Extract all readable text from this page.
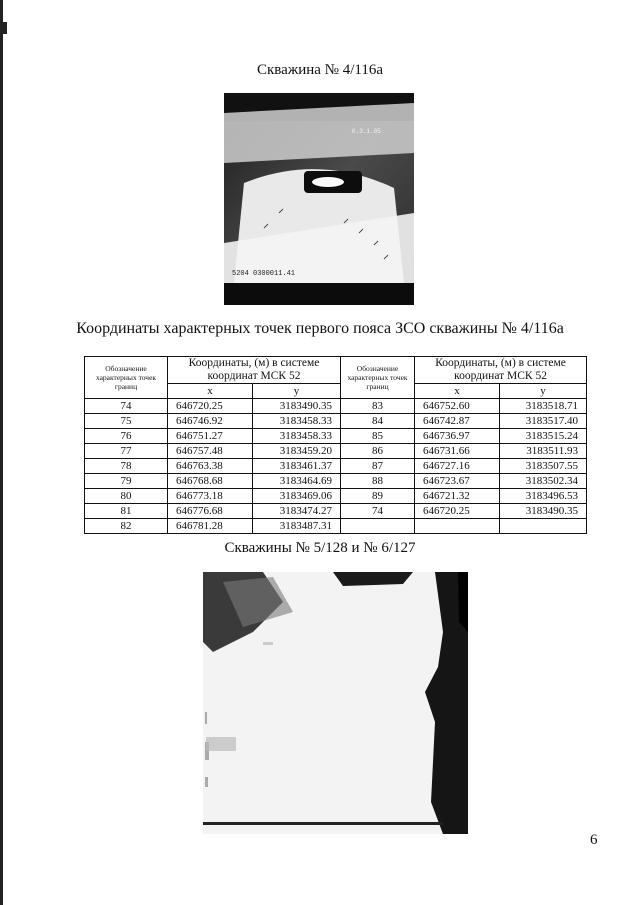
Скважина № 4/116а
5204 0300011.41
К.3.1.05
Координаты характерных точек первого пояса ЗСО скважины № 4/116а
Обозначение характерных точек границ	Координаты, (м) в системе координат МСК 52		Обозначение характерных точек границ	Координаты, (м) в системе координат МСК 52	
	x	y		x	y
74	646720.25	3183490.35	83	646752.60	3183518.71
75	646746.92	3183458.33	84	646742.87	3183517.40
76	646751.27	3183458.33	85	646736.97	3183515.24
77	646757.48	3183459.20	86	646731.66	3183511.93
78	646763.38	3183461.37	87	646727.16	3183507.55
79	646768.68	3183464.69	88	646723.67	3183502.34
80	646773.18	3183469.06	89	646721.32	3183496.53
81	646776.68	3183474.27	74	646720.25	3183490.35
82	646781.28	3183487.31			
Скважины № 5/128 и № 6/127
6
